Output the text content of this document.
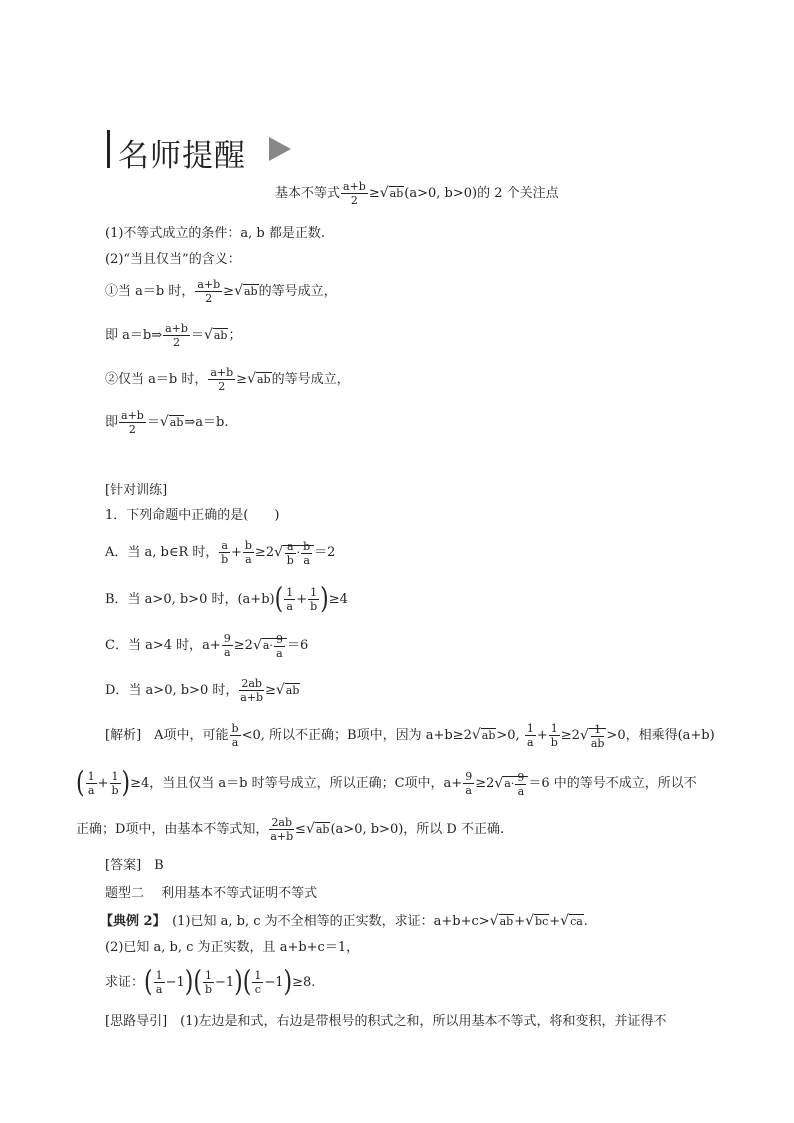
名师提醒
基本不等式 $\frac{a+b}{2} \ge√ab(a>0$, b>0)的 2 个关注点
(1)不等式成立的条件：a, b 都是正数.
(2)“当且仅当”的含义：
①当 a＝b 时， $\frac{a+b}{2} \ge√ab$的等号成立，
即 a＝b⇒ $\frac{a+b}{2} =√ab$；
②仅当 a＝b 时， $\frac{a+b}{2} \ge√ab$的等号成立，
即 $\frac{a+b}{2}$ ＝√ab⇒a＝b.
[针对训练]
1．下列命题中正确的是(　　)
A．当 a, b∈R 时， $\frac{a}{b} + \frac{b}{a} \ge 2√ \frac{a}{b} \cdot \frac{b}{a} =2$
B．当 a>0, b>0 时，$(a+b)( \frac{1}{a} + \frac{1}{b} )\ge 4$
C．当 a>4 时，$a+ \frac{9}{a} \ge 2√a\cdot \frac{9}{a} =6$
D．当 a>0, b>0 时， $\frac{2ab}{a+b} \ge√ab$
[解析]　A项中，可能 $\frac{b}{a} <0$, 所以不正确；B项中，因为 a+b≥2√ab>0, $\frac{1}{a} + \frac{1}{b} \ge 2√ \frac{1}{ab} >0$，相乘得(a+b)
( $\frac{1}{a} + \frac{1}{b} )\ge 4$，当且仅当 a＝b 时等号成立，所以正确；C项中，$a+ \frac{9}{a} \ge 2√a\cdot \frac{9}{a} =6$ 中的等号不成立，所以不
正确；D项中，由基本不等式知， $\frac{2ab}{a+b} \le√ab(a>0$, b>0)，所以 D 不正确.
[答案]　 B
题型二　 利用基本不等式证明不等式
【典例 2】　(1)已知 a, b, c 为不全相等的正实数，求证：a+b+c>√ab+√bc+√ca.
(2)已知 a, b, c 为正实数，且 a+b+c＝1，
求证：( $\frac{1}{a} -1)( \frac{1}{b} -1)( \frac{1}{c} -1)\ge 8$.
[思路导引]　(1)左边是和式，右边是带根号的积式之和，所以用基本不等式，将和变积，并证得不
